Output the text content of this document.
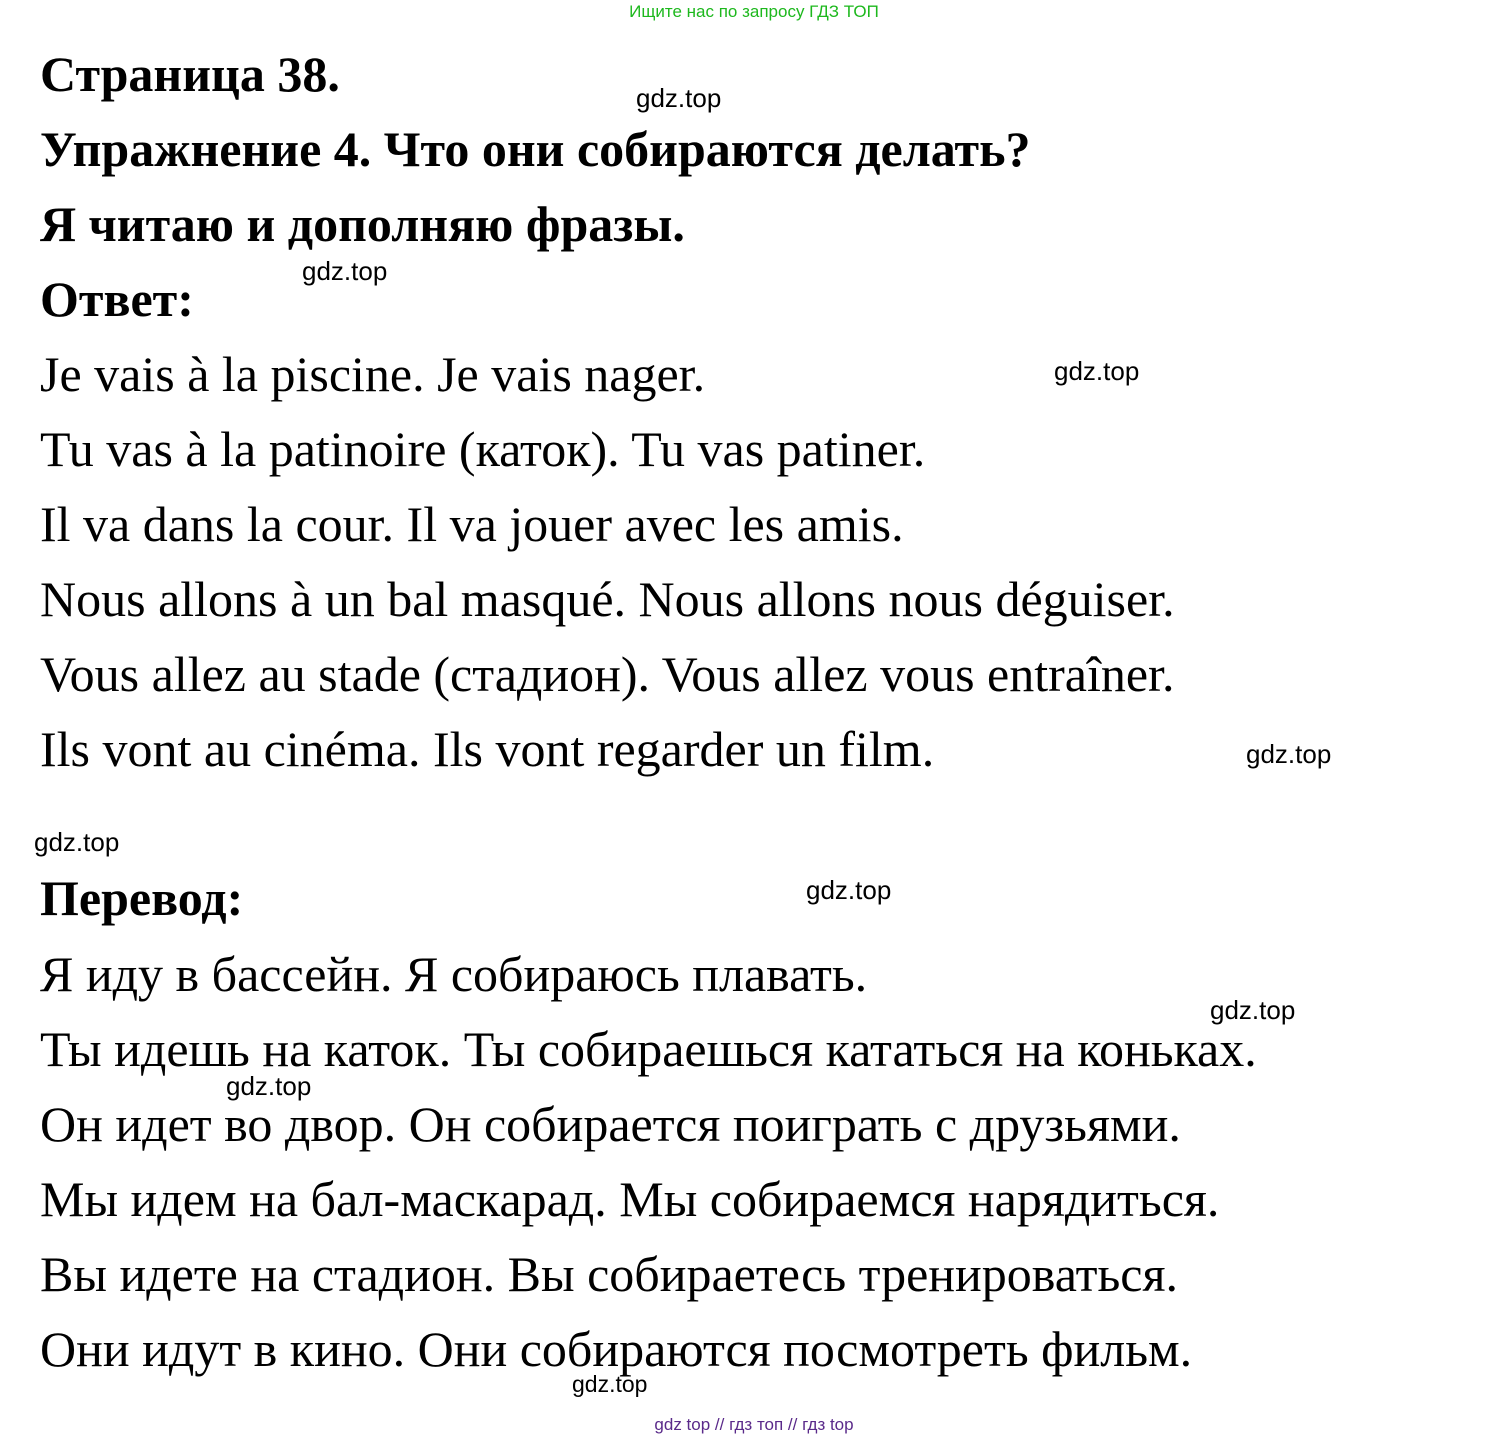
Ищите нас по запросу ГДЗ ТОП
Страница 38.
Упражнение 4. Что они собираются делать?

Я читаю и дополняю фразы.

Ответ:

Je vais à la piscine. Je vais nager.

Tu vas à la patinoire (каток). Tu vas patiner.

Il va dans la cour. Il va jouer avec les amis.

Nous allons à un bal masqué. Nous allons nous déguiser.

Vous allez au stade (стадион). Vous allez vous entraîner.

Ils vont au cinéma. Ils vont regarder un film.

Перевод:

Я иду в бассейн. Я собираюсь плавать.

Ты идешь на каток. Ты собираешься кататься на коньках.

Он идет во двор. Он собирается поиграть с друзьями.

Мы идем на бал-маскарад. Мы собираемся нарядиться.

Вы идете на стадион. Вы собираетесь тренироваться.

Они идут в кино. Они собираются посмотреть фильм.

gdz.top
gdz.top
gdz.top
gdz.top
gdz.top
gdz.top
gdz.top
gdz.top
gdz.top
gdz top // гдз топ // гдз top
